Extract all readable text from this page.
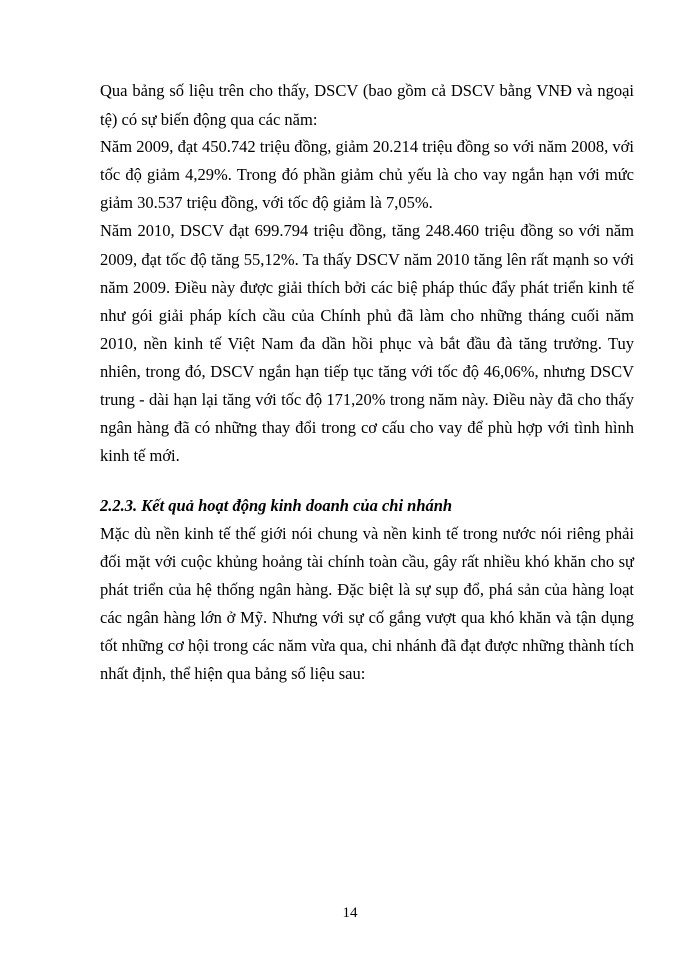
Qua bảng số liệu trên cho thấy, DSCV (bao gồm cả DSCV bằng VNĐ và ngoại
tệ) có sự biến động qua các năm:
Năm 2009, đạt 450.742 triệu đồng, giảm 20.214 triệu đồng so với năm 2008, với
tốc độ giảm 4,29%. Trong đó phần giảm chủ yếu là cho vay ngắn hạn với mức
giảm 30.537 triệu đồng, với tốc độ giảm là 7,05%.
Năm 2010, DSCV đạt 699.794 triệu đồng, tăng 248.460 triệu đồng so với năm
2009, đạt tốc độ tăng 55,12%. Ta thấy DSCV năm 2010 tăng lên rất mạnh so với
năm 2009. Điều này được giải thích bởi các biệ pháp thúc đẩy phát triển kinh tế
như gói giải pháp kích cầu của Chính phủ đã làm cho những tháng cuối năm
2010, nền kinh tế Việt Nam đa dần hồi phục và bắt đầu đà tăng trưởng. Tuy
nhiên, trong đó, DSCV ngắn hạn tiếp tục tăng với tốc độ 46,06%, nhưng DSCV
trung - dài hạn lại tăng với tốc độ 171,20% trong năm này. Điều này đã cho thấy
ngân hàng đã có những thay đổi trong cơ cấu cho vay để phù hợp với tình hình
kinh tế mới.
2.2.3. Kết quả hoạt động kinh doanh của chi nhánh
Mặc dù nền kinh tế thế giới nói chung và nền kinh tế trong nước nói riêng phải
đối mặt với cuộc khủng hoảng tài chính toàn cầu, gây rất nhiều khó khăn cho sự
phát triển của hệ thống ngân hàng. Đặc biệt là sự sụp đổ, phá sản của hàng loạt
các ngân hàng lớn ở Mỹ. Nhưng với sự cố gắng vượt qua khó khăn và tận dụng
tốt những cơ hội trong các năm vừa qua, chi nhánh đã đạt được những thành tích
nhất định, thể hiện qua bảng số liệu sau:
14
